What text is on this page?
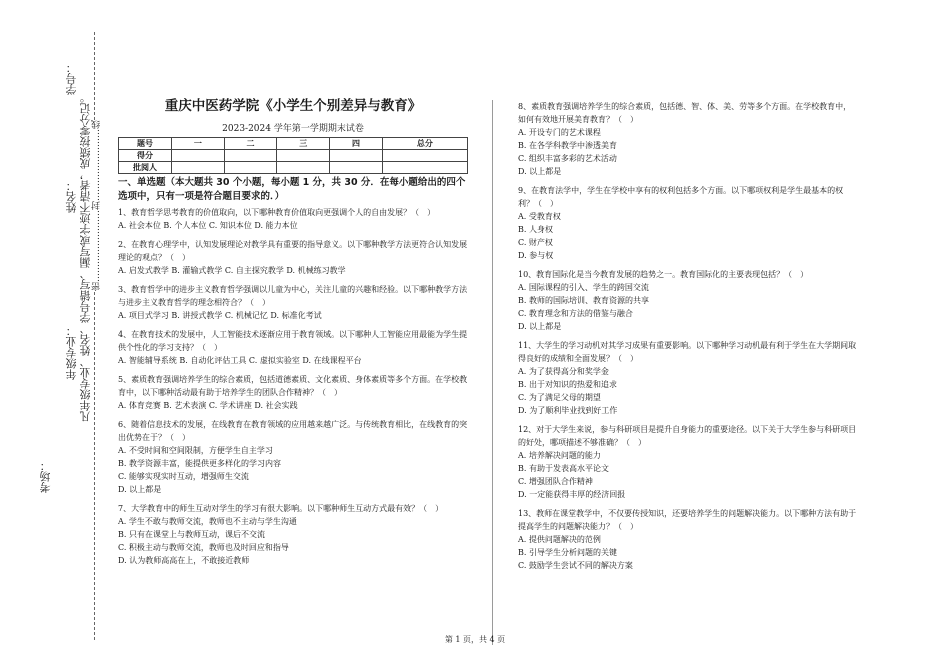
学号：
姓名：
年级专业：
考场：
凡年级专业、姓名、学号错写、漏写或字迹不清者，成绩按零分记。 密……………………封……………………线
重庆中医药学院《小学生个别差异与教育》
2023-2024 学年第一学期期末试卷
题号	一	二	三	四	总分
得分					
批阅人					
一、单选题（本大题共 30 个小题，每小题 1 分，共 30 分．在每小题给出的四个选项中，只有一项是符合题目要求的．）
1、教育哲学思考教育的价值取向，以下哪种教育价值取向更强调个人的自由发展？（　）
A. 社会本位 B. 个人本位 C. 知识本位 D. 能力本位
2、在教育心理学中，认知发展理论对教学具有重要的指导意义。以下哪种教学方法更符合认知发展理论的观点？（　）
A. 启发式教学 B. 灌输式教学 C. 自主探究教学 D. 机械练习教学
3、教育哲学中的进步主义教育哲学强调以儿童为中心，关注儿童的兴趣和经验。以下哪种教学方法与进步主义教育哲学的理念相符合？（　）
A. 项目式学习 B. 讲授式教学 C. 机械记忆 D. 标准化考试
4、在教育技术的发展中，人工智能技术逐渐应用于教育领域。以下哪种人工智能应用最能为学生提供个性化的学习支持？（　）
A. 智能辅导系统 B. 自动化评估工具 C. 虚拟实验室 D. 在线课程平台
5、素质教育强调培养学生的综合素质，包括道德素质、文化素质、身体素质等多个方面。在学校教育中，以下哪种活动最有助于培养学生的团队合作精神？（　）
A. 体育竞赛 B. 艺术表演 C. 学术讲座 D. 社会实践
6、随着信息技术的发展，在线教育在教育领域的应用越来越广泛。与传统教育相比，在线教育的突出优势在于？（　）
A. 不受时间和空间限制，方便学生自主学习
B. 教学资源丰富，能提供更多样化的学习内容
C. 能够实现实时互动，增强师生交流
D. 以上都是
7、大学教育中的师生互动对学生的学习有很大影响。以下哪种师生互动方式最有效？（　）
A. 学生不敢与教师交流，教师也不主动与学生沟通
B. 只有在课堂上与教师互动，课后不交流
C. 积极主动与教师交流，教师也及时回应和指导
D. 认为教师高高在上，不敢接近教师
8、素质教育强调培养学生的综合素质，包括德、智、体、美、劳等多个方面。在学校教育中，如何有效地开展美育教育？（　）
A. 开设专门的艺术课程
B. 在各学科教学中渗透美育
C. 组织丰富多彩的艺术活动
D. 以上都是
9、在教育法学中，学生在学校中享有的权利包括多个方面。以下哪项权利是学生最基本的权利？（　）
A. 受教育权
B. 人身权
C. 财产权
D. 参与权
10、教育国际化是当今教育发展的趋势之一。教育国际化的主要表现包括？（　）
A. 国际课程的引入、学生的跨国交流
B. 教师的国际培训、教育资源的共享
C. 教育理念和方法的借鉴与融合
D. 以上都是
11、大学生的学习动机对其学习成果有重要影响。以下哪种学习动机最有利于学生在大学期间取得良好的成绩和全面发展？（　）
A. 为了获得高分和奖学金
B. 出于对知识的热爱和追求
C. 为了满足父母的期望
D. 为了顺利毕业找到好工作
12、对于大学生来说，参与科研项目是提升自身能力的重要途径。以下关于大学生参与科研项目的好处，哪项描述不够准确？（　）
A. 培养解决问题的能力
B. 有助于发表高水平论文
C. 增强团队合作精神
D. 一定能获得丰厚的经济回报
13、教师在课堂教学中，不仅要传授知识，还要培养学生的问题解决能力。以下哪种方法有助于提高学生的问题解决能力？（　）
A. 提供问题解决的范例
B. 引导学生分析问题的关键
C. 鼓励学生尝试不同的解决方案
第 1 页，共 4 页
